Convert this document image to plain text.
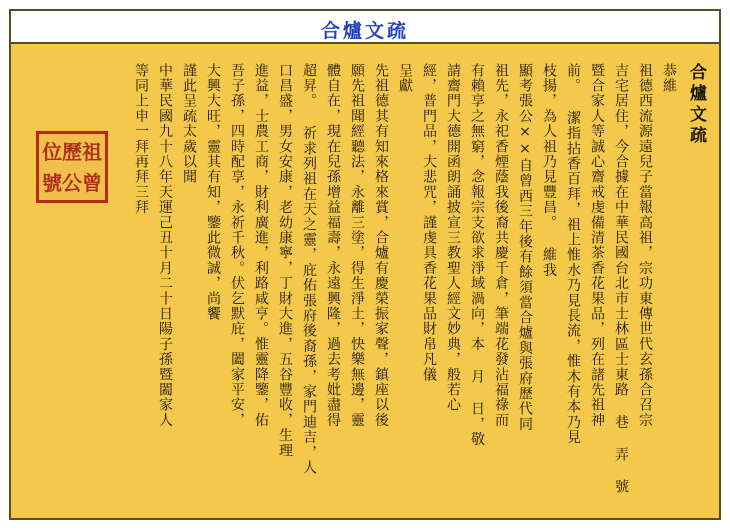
合爐文疏
祖
曾
歷
公
位
號
合爐文疏
恭維
祖德西流源遠兒子當報高祖，宗功東傳世代玄孫合召宗
吉宅居住，今合據在中華民國台北市士林區士東路 巷 弄 號
暨合家人等誠心齋戒虔備清茶香花果品，列在諸先祖神
前。 潔指拈香百拜，祖上惟水乃見長流，惟木有本乃見
枝揚，為人祖乃見豐昌。 維我
顯考張公××自曾西三年後有餘須當合爐與張府歷代同
祖先，永祀香煙蔭我後裔共慶千倉，筆端花發沾福祿而
有賴享之無窮，念報宗支欲求淨域渦向，本 月 日，敬
請齋門大德開函朗誦披宣三教聖人經文妙典，般若心
經，普門品，大悲咒，謹虔具香花果品財帛凡儀
呈獻
先祖德其有知來格來賞，合爐有慶榮振家聲，鎮座以後
願先祖聞經聽法，永離三塗，得生淨土，快樂無邊，靈
體自在，現在兒孫增益福壽，永遠興隆，過去考妣盡得
超昇。 祈求列祖在天之靈，庇佑張府後裔孫，家門迪吉，人
口昌盛，男女安康，老幼康寧，丁財大進，五谷豐收，生理
進益，士農工商，財利廣進，利路咸亨。惟靈降鑒，佑
吾子孫，四時配享，永祈千秋。伏乞默庇，闔家平安，
大興大旺，靈其有知，鑒此微誠，尚饗
謹此呈疏太歲以聞
中華民國九十八年天運己丑十月二十日陽子孫暨闔家人
等同上申一拜再拜三拜
